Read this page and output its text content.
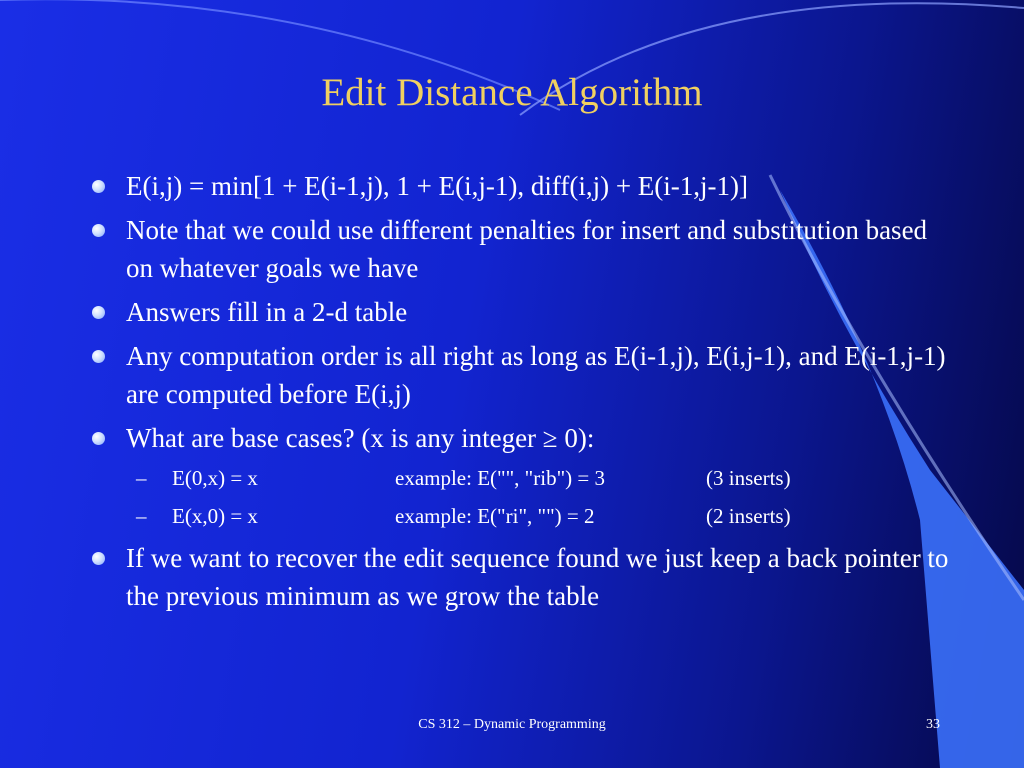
Edit Distance Algorithm
E(i,j) = min[1 + E(i-1,j), 1 + E(i,j-1), diff(i,j) + E(i-1,j-1)]
Note that we could use different penalties for insert and substitution based on whatever goals we have
Answers fill in a 2-d table
Any computation order is all right as long as E(i-1,j), E(i,j-1), and E(i-1,j-1) are computed before E(i,j)
What are base cases? (x is any integer ≥ 0):
– E(0,x) = x	example: E("", "rib") = 3	(3 inserts)
– E(x,0) = x	example: E("ri", "") = 2	(2 inserts)
If we want to recover the edit sequence found we just keep a back pointer to the previous minimum as we grow the table
CS 312 – Dynamic Programming	33
